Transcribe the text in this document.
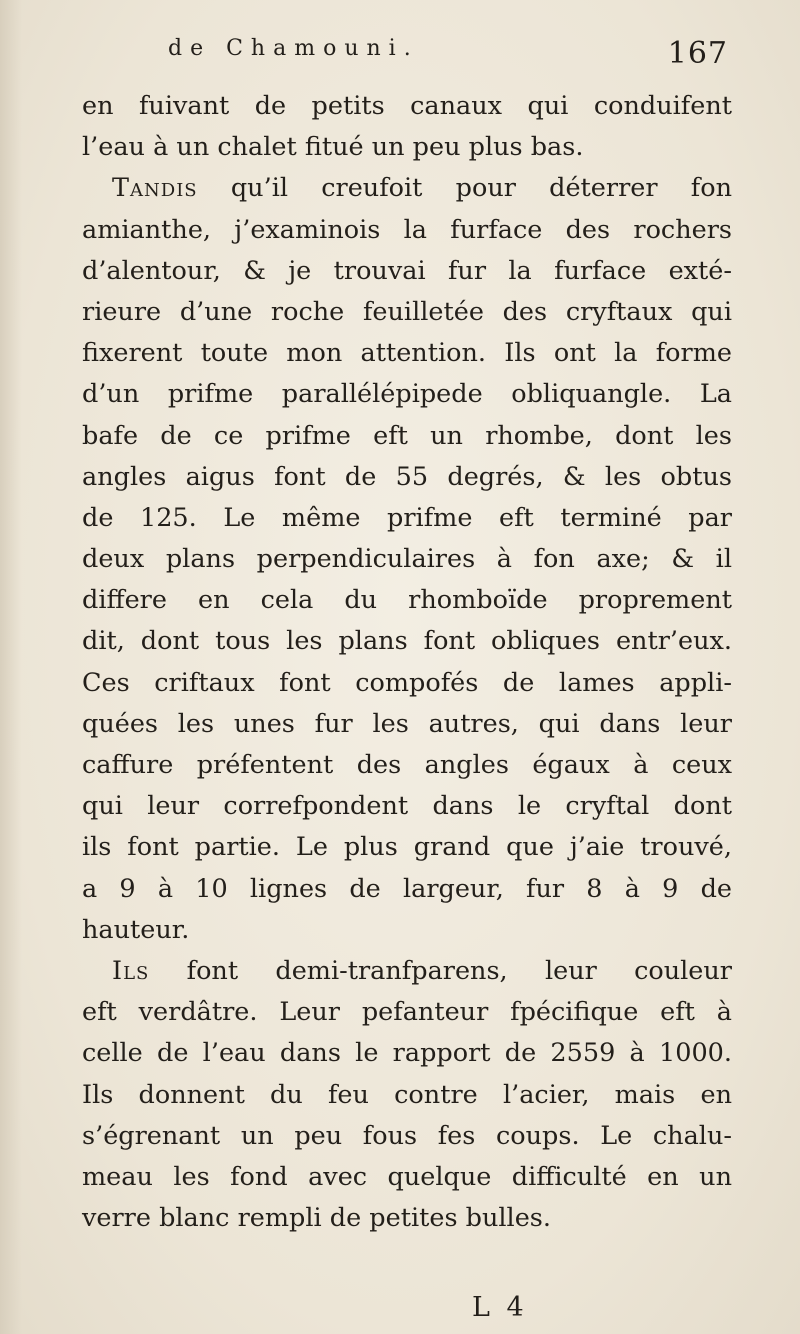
de Chamouni.	167
en fuivant de petits canaux qui conduifent
l’eau à un chalet fitué un peu plus bas.
Tandis qu’il creufoit pour déterrer fon
amianthe, j’examinois la furface des rochers
d’alentour, & je trouvai fur la furface exté-
rieure d’une roche feuilletée des cryftaux qui
fixerent toute mon attention. Ils ont la forme
d’un prifme parallélépipede obliquangle. La
bafe de ce prifme eft un rhombe, dont les
angles aigus font de 55 degrés, & les obtus
de 125. Le même prifme eft terminé par
deux plans perpendiculaires à fon axe; & il
differe en cela du rhomboïde proprement
dit, dont tous les plans font obliques entr’eux.
Ces criftaux font compofés de lames appli-
quées les unes fur les autres, qui dans leur
caffure préfentent des angles égaux à ceux
qui leur correfpondent dans le cryftal dont
ils font partie. Le plus grand que j’aie trouvé,
a 9 à 10 lignes de largeur, fur 8 à 9 de
hauteur.
Ils font demi-tranfparens, leur couleur
eft verdâtre. Leur pefanteur fpécifique eft à
celle de l’eau dans le rapport de 2559 à 1000.
Ils donnent du feu contre l’acier, mais en
s’égrenant un peu fous fes coups. Le chalu-
meau les fond avec quelque difficulté en un
verre blanc rempli de petites bulles.
L 4
